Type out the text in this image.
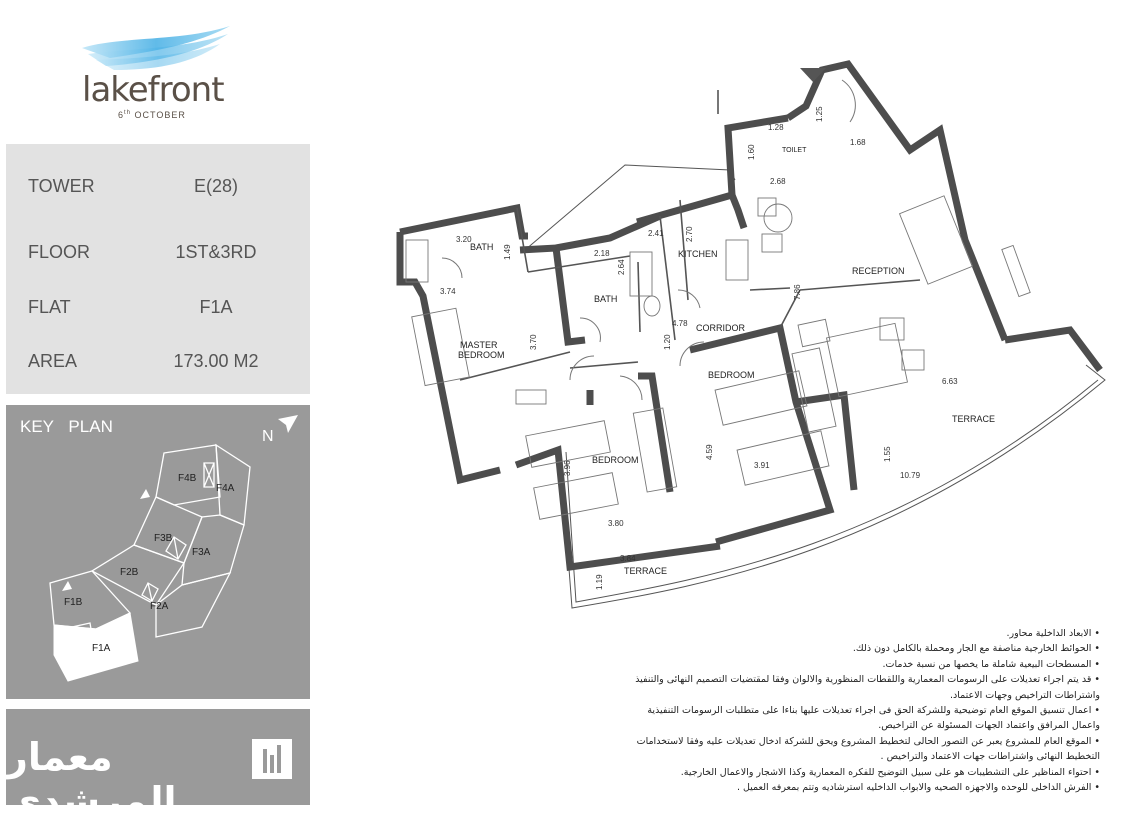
lakefront
6th OCTOBER
TOWER	E(28)
FLOOR	1ST&3RD
FLAT	F1A
AREA	173.00 M2
KEY PLAN
F4B
F4A
F3B
F3A
F2B
F2A
F1B
F1A
N
معمار المرشدى
BATH
BATH
KITCHEN
TOILET
RECEPTION
MASTER
BEDROOM
CORRIDOR
BEDROOM
BEDROOM
TERRACE
TERRACE
3.20
1.49
3.74
3.70
2.18
2.64
2.41	2.70
2.68
1.68
1.25
1.60
1.28
7.86
4.78
1.20
6.63
1.55
10.79
3.96
3.80
3.84
1.19
4.59
3.91

• الابعاد الداخلية محاور.

• الحوائط الخارجية مناصفة مع الجار ومحملة بالكامل دون ذلك.

• المسطحات البيعية شاملة ما يخصها من نسبة خدمات.

• قد يتم اجراء تعديلات على الرسومات المعمارية واللقطات المنظورية والالوان وفقا لمقتضيات التصميم النهائى والتنفيذ واشتراطات التراخيص وجهات الاعتماد.

• اعمال تنسيق الموقع العام توضيحية وللشركة الحق فى اجراء تعديلات عليها بناءا على متطلبات الرسومات التنفيذية واعمال المرافق واعتماد الجهات المسئولة عن التراخيص.

• الموقع العام للمشروع يعبر عن التصور الحالى لتخطيط المشروع ويحق للشركة ادخال تعديلات عليه وفقا لاستخدامات التخطيط النهائى واشتراطات جهات الاعتماد والتراخيص .

• احتواء المناظير على التشطيبات هو على سبيل التوضيح للفكره المعمارية وكذا الاشجار والاعمال الخارجية.

• الفرش الداخلى للوحده والاجهزه الصحيه والابواب الداخليه استرشاديه وتتم بمعرفه العميل .
